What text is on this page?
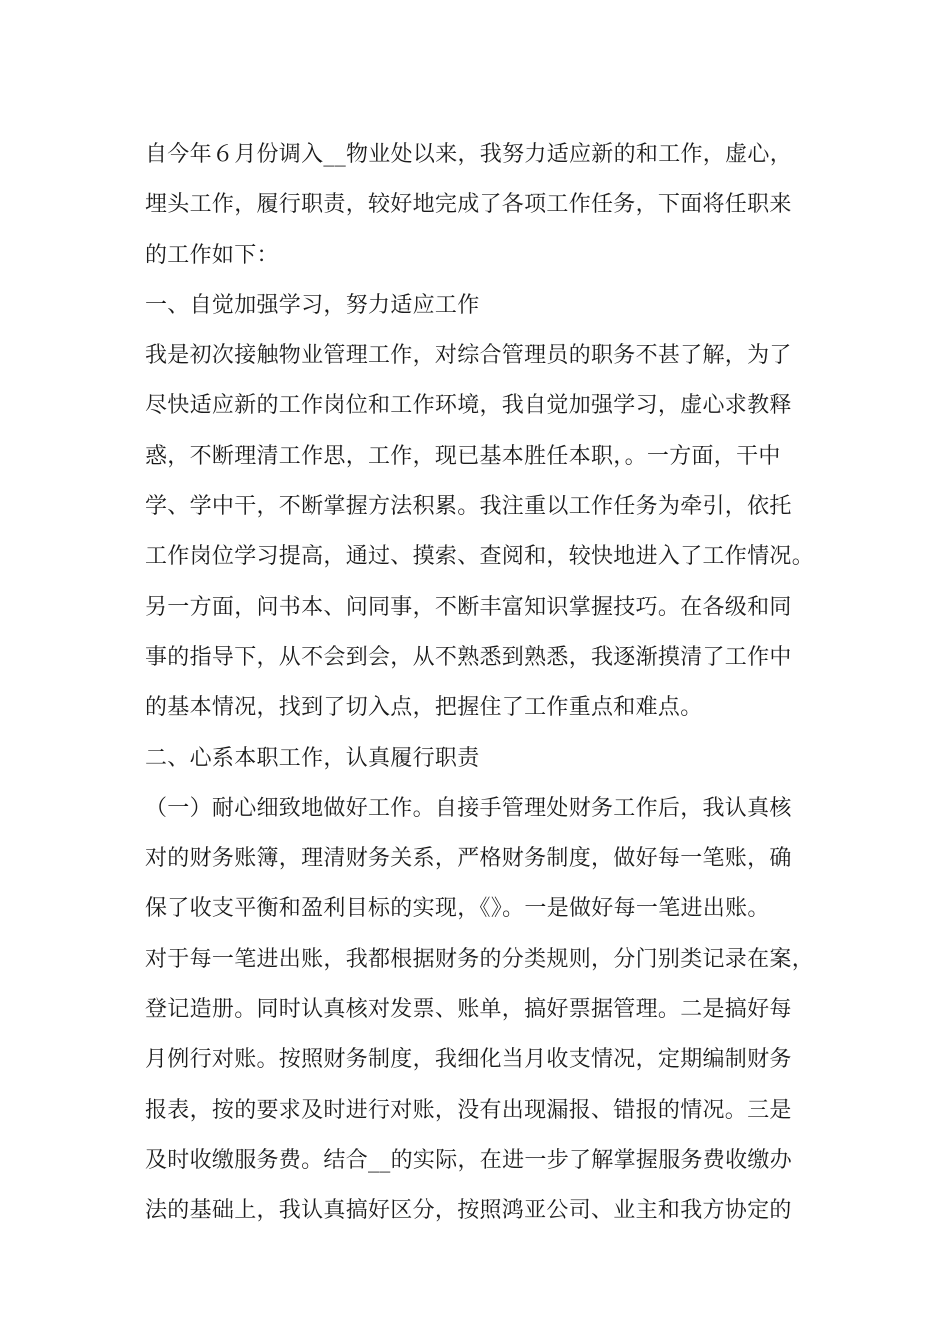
自今年６月份调入__物业处以来，我努力适应新的和工作，虚心，
埋头工作，履行职责，较好地完成了各项工作任务，下面将任职来
的工作如下：
一、自觉加强学习，努力适应工作
我是初次接触物业管理工作，对综合管理员的职务不甚了解，为了
尽快适应新的工作岗位和工作环境，我自觉加强学习，虚心求教释
惑，不断理清工作思，工作，现已基本胜任本职，。一方面，干中
学、学中干，不断掌握方法积累。我注重以工作任务为牵引，依托
工作岗位学习提高，通过、摸索、查阅和，较快地进入了工作情况。
另一方面，问书本、问同事，不断丰富知识掌握技巧。在各级和同
事的指导下，从不会到会，从不熟悉到熟悉，我逐渐摸清了工作中
的基本情况，找到了切入点，把握住了工作重点和难点。
二、心系本职工作，认真履行职责
（一）耐心细致地做好工作。自接手管理处财务工作后，我认真核
对的财务账簿，理清财务关系，严格财务制度，做好每一笔账，确
保了收支平衡和盈利目标的实现，《》。一是做好每一笔进出账。
对于每一笔进出账，我都根据财务的分类规则，分门别类记录在案，
登记造册。同时认真核对发票、账单，搞好票据管理。二是搞好每
月例行对账。按照财务制度，我细化当月收支情况，定期编制财务
报表，按的要求及时进行对账，没有出现漏报、错报的情况。三是
及时收缴服务费。结合__的实际，在进一步了解掌握服务费收缴办
法的基础上，我认真搞好区分，按照鸿亚公司、业主和我方协定的
